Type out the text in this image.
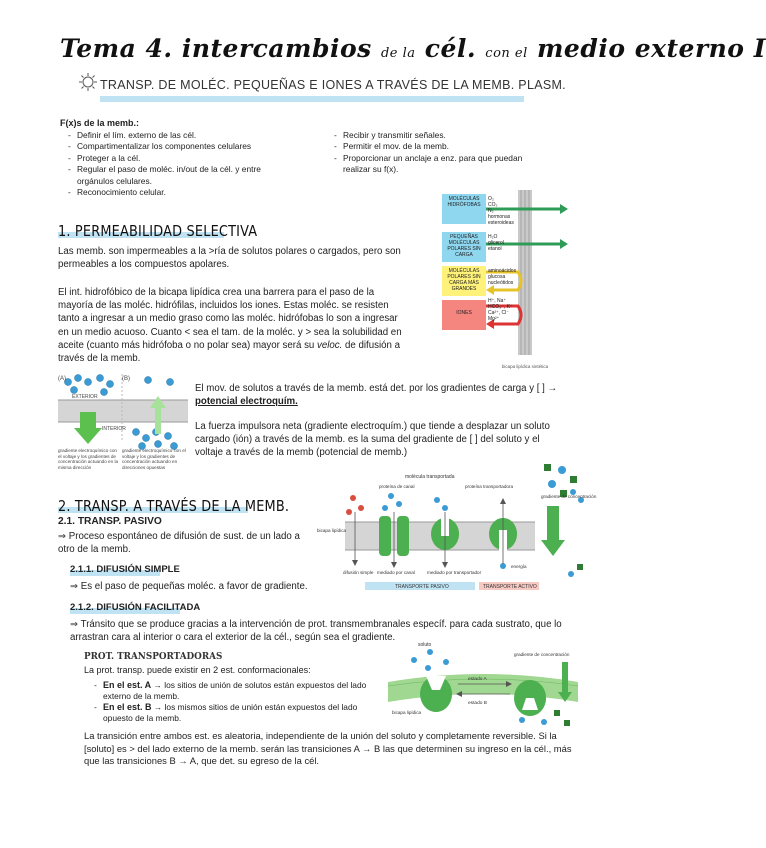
Tema 4. intercambios de la cél. con el medio externo I
TRANSP. DE MOLÉC. PEQUEÑAS E IONES A TRAVÉS DE LA MEMB. PLASM.
F(x)s de la memb.:
- Definir el lím. externo de las cél.
- Compartimentalizar los componentes celulares
- Proteger a la cél.
- Regular el paso de moléc. in/out de la cél. y entre orgánulos celulares.
- Reconocimiento celular.
- Recibir y transmitir señales.
- Permitir el mov. de la memb.
- Proporcionar un anclaje a enz. para que puedan realizar su f(x).
1. PERMEABILIDAD SELECTIVA

Las memb. son impermeables a la >ría de solutos polares o cargados, pero son permeables a los compuestos apolares.

El int. hidrofóbico de la bicapa lipídica crea una barrera para el paso de la mayoría de las moléc. hidrófilas, incluidos los iones. Estas moléc. se resisten tanto a ingresar a un medio graso como las moléc. hidrófobas lo son a ingresar en un medio acuoso. Cuanto < sea el tam. de la moléc. y > sea la solubilidad en aceite (cuanto más hidrófoba o no polar sea) mayor será su veloc. de difusión a través de la memb.

bicapa lipídica sintética
MOLÉCULAS HIDRÓFOBAS
PEQUEÑAS MOLÉCULAS POLARES SIN CARGA
MOLÉCULAS POLARES SIN CARGA MÁS GRANDES
IONES
O₂
CO₂
N₂
hormonas
esteroideas
H₂O
glicerol
etanol
aminoácidos
glucosa
nucleótidos
H⁺, Na⁺
HCO₃⁻, K⁺
Ca²⁺, Cl⁻
Mg²⁺
(A)	(B)
EXTERIOR
INTERIOR
gradiente electroquímico con el voltaje y los gradientes de concentración actuando en la misma dirección
gradiente electroquímico con el voltaje y los gradientes de concentración actuando en direcciones opuestas

El mov. de solutos a través de la memb. está det. por los gradientes de carga y [ ] → potencial electroquím.

La fuerza impulsora neta (gradiente electroquím.) que tiende a desplazar un soluto cargado (ión) a través de la memb. es la suma del gradiente de [ ] del soluto y el voltaje a través de la memb (potencial de memb.)

2. TRANSP. A TRAVÉS DE LA MEMB.
2.1. TRANSP. PASIVO

⇒ Proceso espontáneo de difusión de sust. de un lado a otro de la memb.

2.1.1. DIFUSIÓN SIMPLE

⇒ Es el paso de pequeñas moléc. a favor de gradiente.

2.1.2. DIFUSIÓN FACILITADA

⇒ Tránsito que se produce gracias a la intervención de prot. transmembranales específ. para cada sustrato, que lo arrastran cara al interior o cara el exterior de la cél., según sea el gradiente.

molécula transportada
proteína de canal	proteína transportadora
bicapa lipídica
gradiente de concentración
difusión simple mediado por canal	mediado por transportador
energía
TRANSPORTE PASIVO	TRANSPORTE ACTIVO
PROT. TRANSPORTADORAS
La prot. transp. puede existir en 2 est. conformacionales:
- En el est. A → los sitios de unión de solutos están expuestos del lado externo de la memb.
- En el est. B → los mismos sitios de unión están expuestos del lado opuesto de la memb.
soluto
gradiente de concentración
estado A
estado B
bicapa lipídica

La transición entre ambos est. es aleatoria, independiente de la unión del soluto y completamente reversible. Si la [soluto] es > del lado externo de la memb. serán las transiciones A → B las que determinen su ingreso en la cél., más que las transiciones B → A, que det. su egreso de la cél.
